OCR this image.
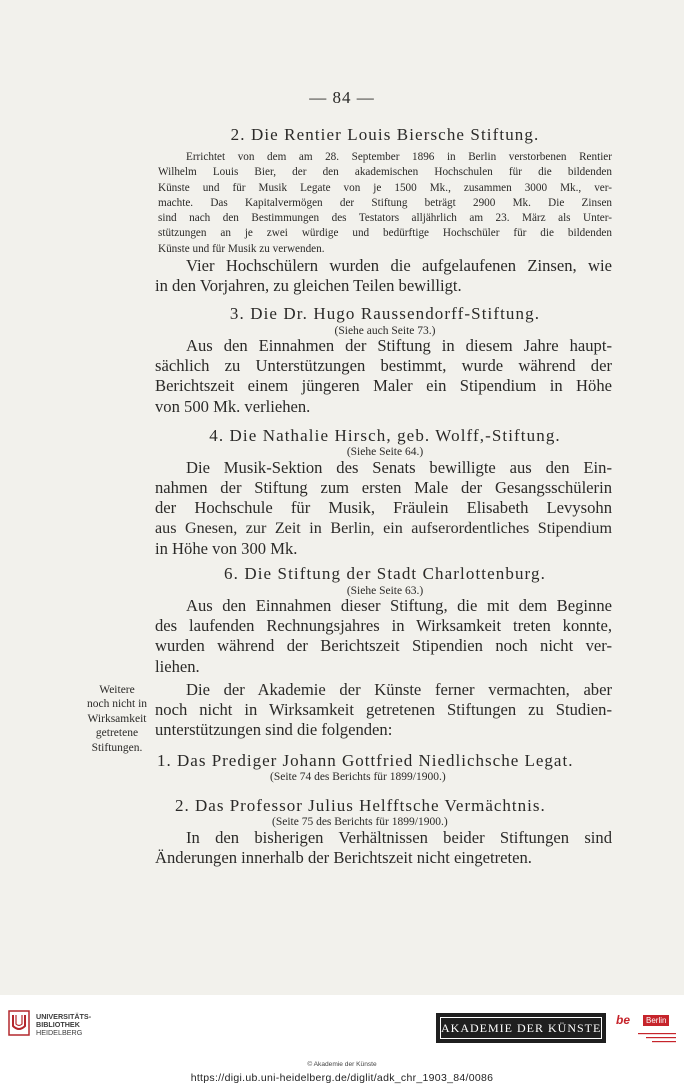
— 84 —
2. Die Rentier Louis Biersche Stiftung.
Errichtet von dem am 28. September 1896 in Berlin verstorbenen Rentier
Wilhelm Louis Bier, der den akademischen Hochschulen für die bildenden
Künste und für Musik Legate von je 1500 Mk., zusammen 3000 Mk., ver-
machte. Das Kapitalvermögen der Stiftung beträgt 2900 Mk. Die Zinsen
sind nach den Bestimmungen des Testators alljährlich am 23. März als Unter-
stützungen an je zwei würdige und bedürftige Hochschüler für die bildenden
Künste und für Musik zu verwenden.
Vier Hochschülern wurden die aufgelaufenen Zinsen, wie
in den Vorjahren, zu gleichen Teilen bewilligt.
3. Die Dr. Hugo Raussendorff-Stiftung.
(Siehe auch Seite 73.)
Aus den Einnahmen der Stiftung in diesem Jahre haupt-
sächlich zu Unterstützungen bestimmt, wurde während der
Berichtszeit einem jüngeren Maler ein Stipendium in Höhe
von 500 Mk. verliehen.
4. Die Nathalie Hirsch, geb. Wolff,-Stiftung.
(Siehe Seite 64.)
Die Musik-Sektion des Senats bewilligte aus den Ein-
nahmen der Stiftung zum ersten Male der Gesangsschülerin
der Hochschule für Musik, Fräulein Elisabeth Levysohn
aus Gnesen, zur Zeit in Berlin, ein aufserordentliches Stipendium
in Höhe von 300 Mk.
6. Die Stiftung der Stadt Charlottenburg.
(Siehe Seite 63.)
Aus den Einnahmen dieser Stiftung, die mit dem Beginne
des laufenden Rechnungsjahres in Wirksamkeit treten konnte,
wurden während der Berichtszeit Stipendien noch nicht ver-
liehen.
Weitere
noch nicht in
Wirksamkeit
getretene
Stiftungen.
Die der Akademie der Künste ferner vermachten, aber
noch nicht in Wirksamkeit getretenen Stiftungen zu Studien-
unterstützungen sind die folgenden:
1. Das Prediger Johann Gottfried Niedlichsche Legat.
(Seite 74 des Berichts für 1899/1900.)
2. Das Professor Julius Helfftsche Vermächtnis.
(Seite 75 des Berichts für 1899/1900.)
In den bisherigen Verhältnissen beider Stiftungen sind
Änderungen innerhalb der Berichtszeit nicht eingetreten.
UNIVERSITÄTS-
BIBLIOTHEK
HEIDELBERG	AKADEMIE DER KÜNSTE
be	Berlin
© Akademie der Künste
https://digi.ub.uni-heidelberg.de/diglit/adk_chr_1903_84/0086
